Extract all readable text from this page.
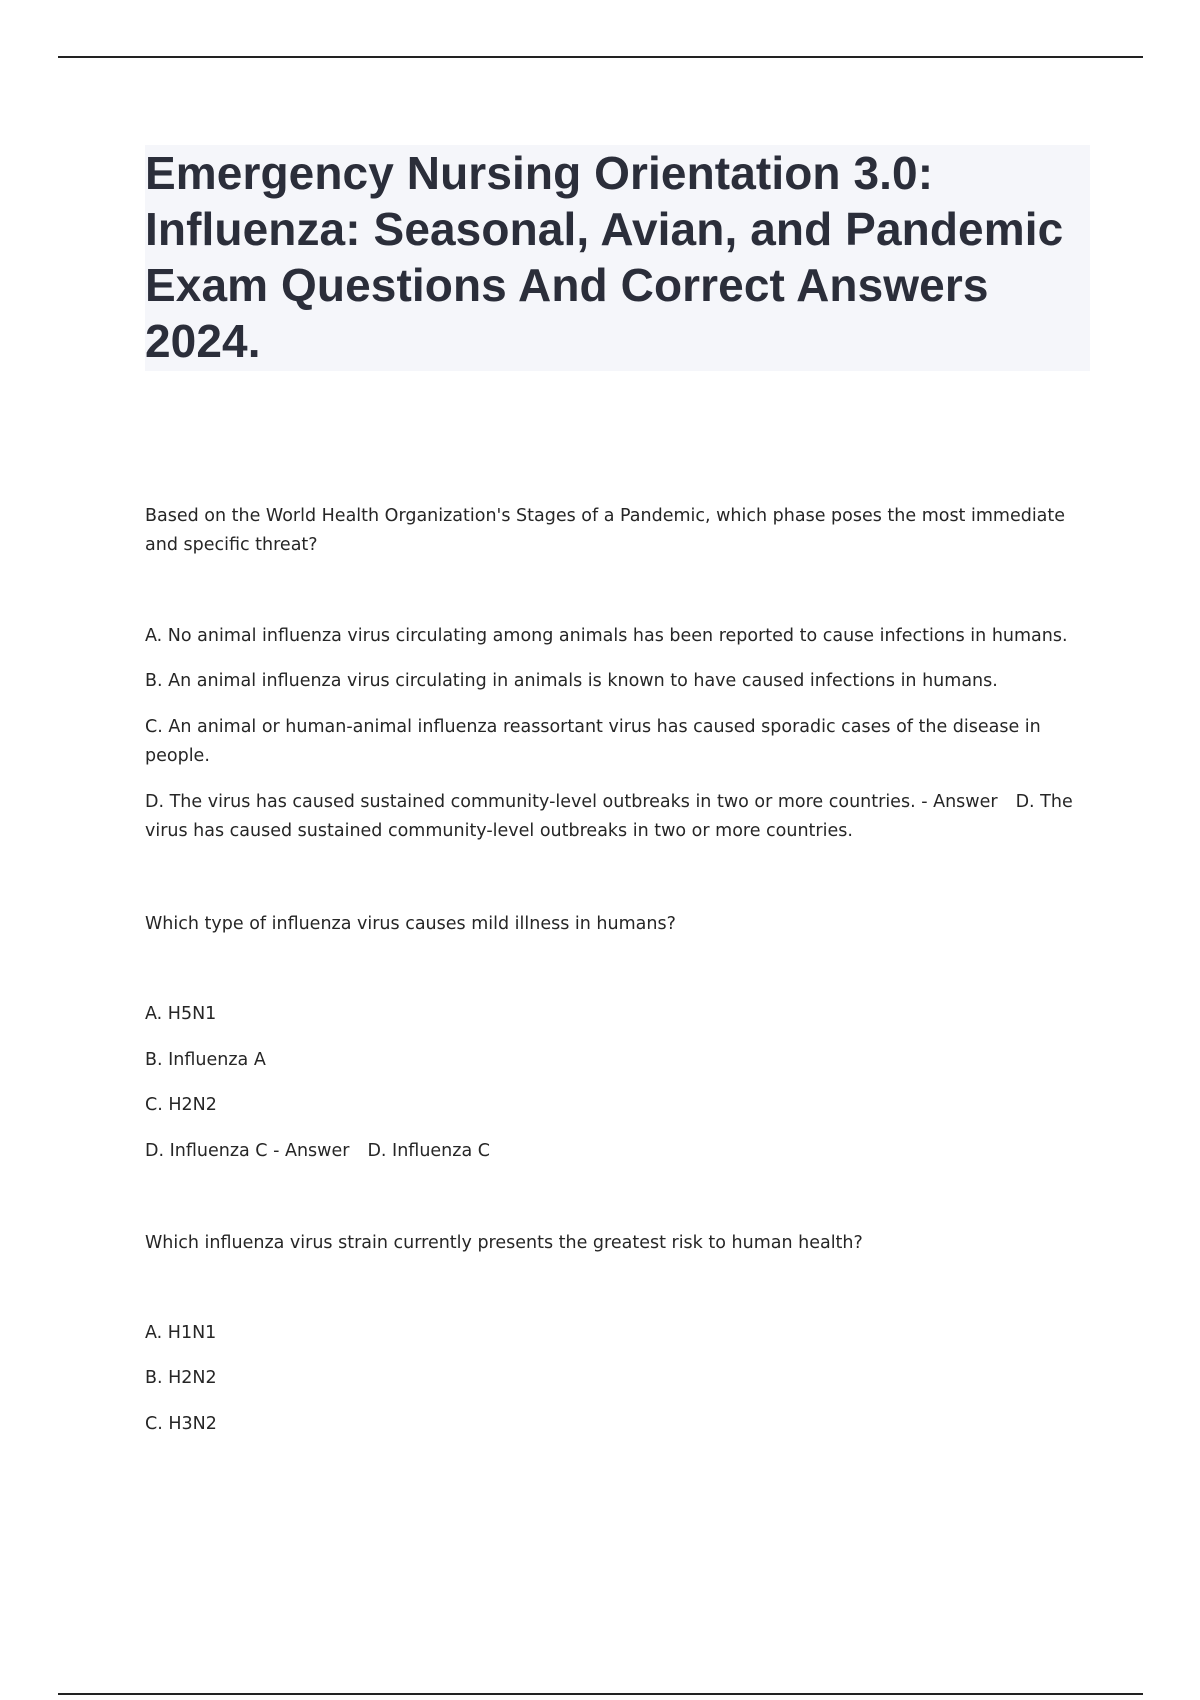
Emergency Nursing Orientation 3.0: Influenza: Seasonal, Avian, and Pandemic Exam Questions And Correct Answers 2024.

Based on the World Health Organization's Stages of a Pandemic, which phase poses the most immediate and specific threat?

A. No animal influenza virus circulating among animals has been reported to cause infections in humans.

B. An animal influenza virus circulating in animals is known to have caused infections in humans.

C. An animal or human-animal influenza reassortant virus has caused sporadic cases of the disease in people.

D. The virus has caused sustained community-level outbreaks in two or more countries. - Answer D. The virus has caused sustained community-level outbreaks in two or more countries.

Which type of influenza virus causes mild illness in humans?

A. H5N1

B. Influenza A

C. H2N2

D. Influenza C - Answer D. Influenza C

Which influenza virus strain currently presents the greatest risk to human health?

A. H1N1

B. H2N2

C. H3N2
